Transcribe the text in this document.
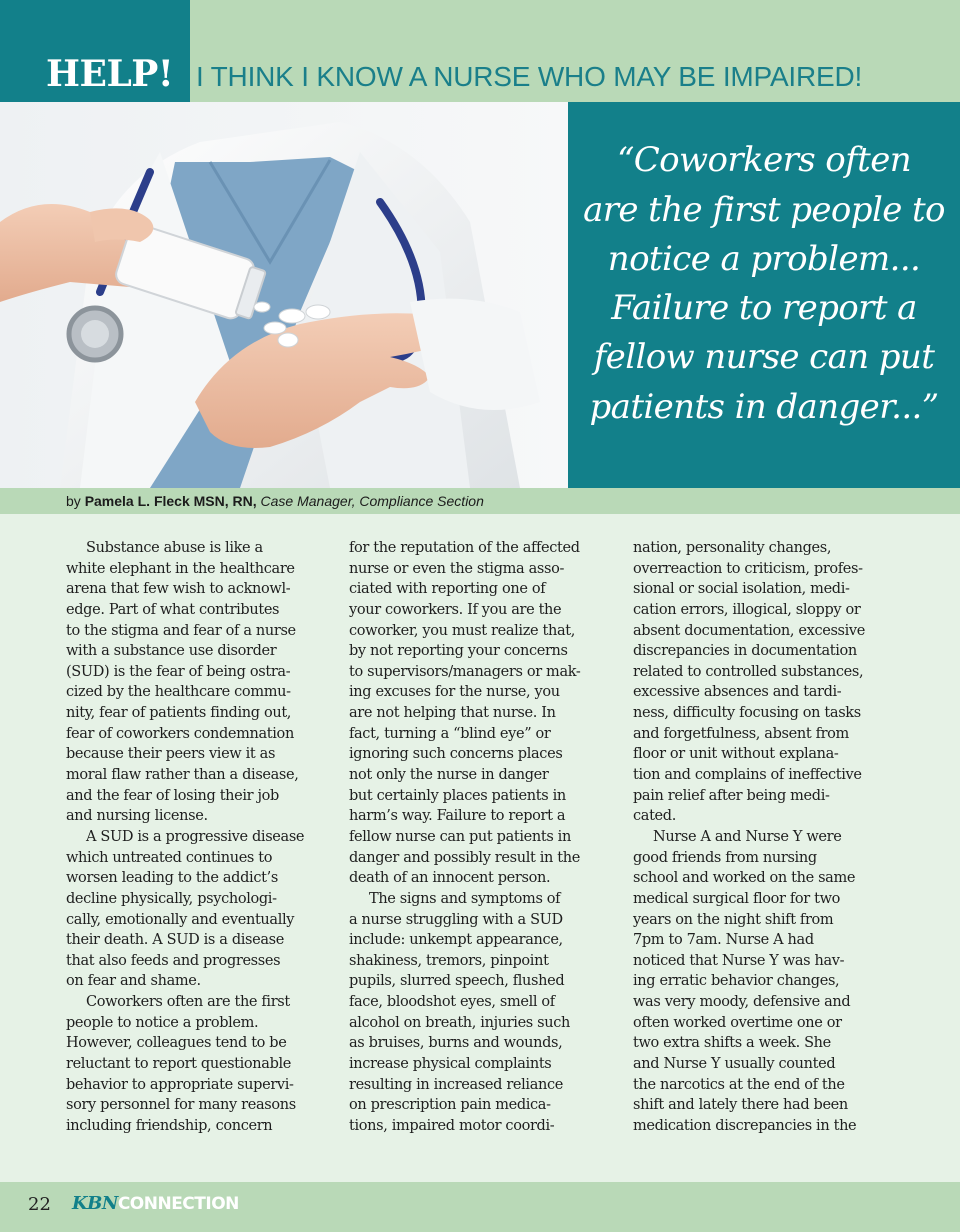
HELP! I THINK I KNOW A NURSE WHO MAY BE IMPAIRED!
“Coworkers often
are the first people to
notice a problem...
Failure to report a
fellow nurse can put
patients in danger...”
by Pamela L. Fleck MSN, RN, Case Manager, Compliance Section
Substance abuse is like a
white elephant in the healthcare
arena that few wish to acknowl-
edge. Part of what contributes
to the stigma and fear of a nurse
with a substance use disorder
(SUD) is the fear of being ostra-
cized by the healthcare commu-
nity, fear of patients finding out,
fear of coworkers condemnation
because their peers view it as
moral flaw rather than a disease,
and the fear of losing their job
and nursing license.
A SUD is a progressive disease
which untreated continues to
worsen leading to the addict’s
decline physically, psychologi-
cally, emotionally and eventually
their death. A SUD is a disease
that also feeds and progresses
on fear and shame.
Coworkers often are the first
people to notice a problem.
However, colleagues tend to be
reluctant to report questionable
behavior to appropriate supervi-
sory personnel for many reasons
including friendship, concern
for the reputation of the affected
nurse or even the stigma asso-
ciated with reporting one of
your coworkers. If you are the
coworker, you must realize that,
by not reporting your concerns
to supervisors/managers or mak-
ing excuses for the nurse, you
are not helping that nurse. In
fact, turning a “blind eye” or
ignoring such concerns places
not only the nurse in danger
but certainly places patients in
harm’s way. Failure to report a
fellow nurse can put patients in
danger and possibly result in the
death of an innocent person.
The signs and symptoms of
a nurse struggling with a SUD
include: unkempt appearance,
shakiness, tremors, pinpoint
pupils, slurred speech, flushed
face, bloodshot eyes, smell of
alcohol on breath, injuries such
as bruises, burns and wounds,
increase physical complaints
resulting in increased reliance
on prescription pain medica-
tions, impaired motor coordi-
nation, personality changes,
overreaction to criticism, profes-
sional or social isolation, medi-
cation errors, illogical, sloppy or
absent documentation, excessive
discrepancies in documentation
related to controlled substances,
excessive absences and tardi-
ness, difficulty focusing on tasks
and forgetfulness, absent from
floor or unit without explana-
tion and complains of ineffective
pain relief after being medi-
cated.
Nurse A and Nurse Y were
good friends from nursing
school and worked on the same
medical surgical floor for two
years on the night shift from
7pm to 7am. Nurse A had
noticed that Nurse Y was hav-
ing erratic behavior changes,
was very moody, defensive and
often worked overtime one or
two extra shifts a week. She
and Nurse Y usually counted
the narcotics at the end of the
shift and lately there had been
medication discrepancies in the
22 KBNCONNECTION
